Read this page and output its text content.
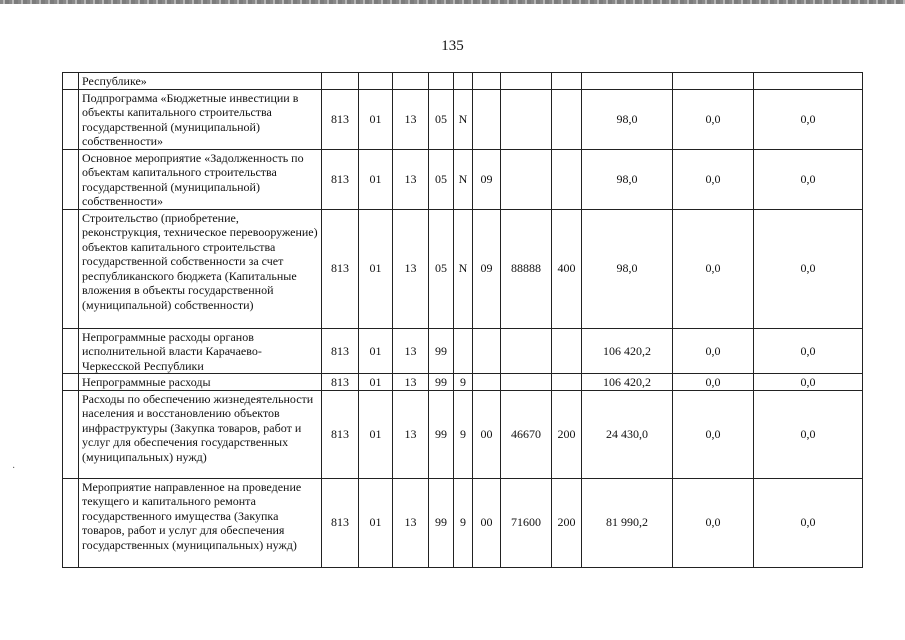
135
	Республике»											
	Подпрограмма «Бюджетные инвестиции в объекты капитального строительства государственной (муниципальной) собственности»	813	01	13	05	N				98,0	0,0	0,0
	Основное мероприятие «Задолженность по объектам капитального строительства государственной (муниципальной) собственности»	813	01	13	05	N	09			98,0	0,0	0,0
	Строительство (приобретение, реконструкция, техническое перевооружение) объектов капитального строительства государственной собственности за счет республиканского бюджета (Капитальные вложения в объекты государственной (муниципальной) собственности)	813	01	13	05	N	09	88888	400	98,0	0,0	0,0
	Непрограммные расходы органов исполнительной власти Карачаево-Черкесской Республики	813	01	13	99					106 420,2	0,0	0,0
	Непрограммные расходы	813	01	13	99	9				106 420,2	0,0	0,0
	Расходы по обеспечению жизнедеятельности населения и восстановлению объектов инфраструктуры (Закупка товаров, работ и услуг для обеспечения государственных (муниципальных) нужд)	813	01	13	99	9	00	46670	200	24 430,0	0,0	0,0
	Мероприятие направленное на проведение текущего и капитального ремонта государственного имущества (Закупка товаров, работ и услуг для обеспечения государственных (муниципальных) нужд)	813	01	13	99	9	00	71600	200	81 990,2	0,0	0,0
·
